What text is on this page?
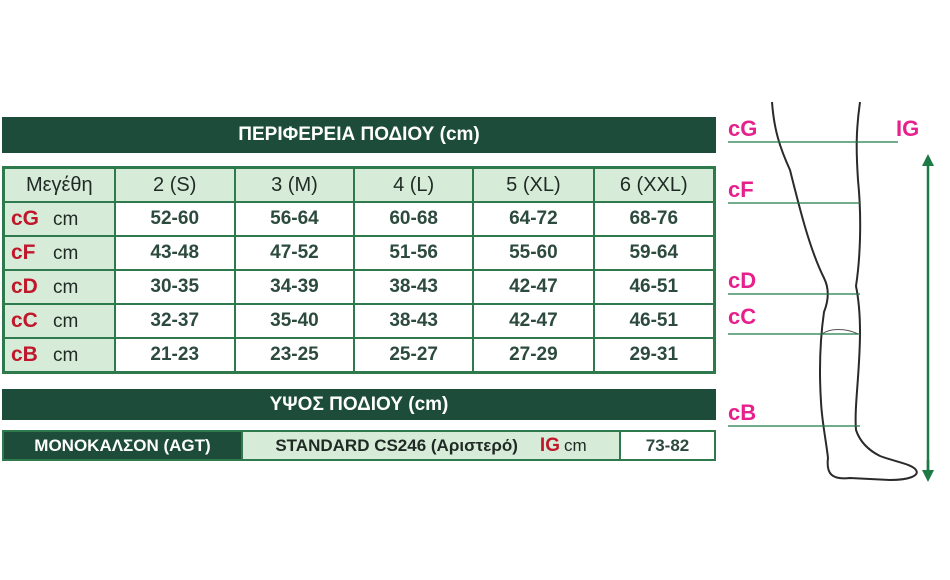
ΠΕΡΙΦΕΡΕΙΑ ΠΟΔΙΟΥ (cm)
Μεγέθη	2 (S)	3 (M)	4 (L)	5 (XL)	6 (XXL)
cG cm	52-60	56-64	60-68	64-72	68-76
cF cm	43-48	47-52	51-56	55-60	59-64
cD cm	30-35	34-39	38-43	42-47	46-51
cC cm	32-37	35-40	38-43	42-47	46-51
cB cm	21-23	23-25	25-27	27-29	29-31
ΥΨΟΣ ΠΟΔΙΟΥ (cm)
ΜΟΝΟΚΑΛΣΟΝ (AGT)	STANDARD CS246 (Αριστερό) IG cm	73-82
cG
cF
cD
cC
cB
IG
